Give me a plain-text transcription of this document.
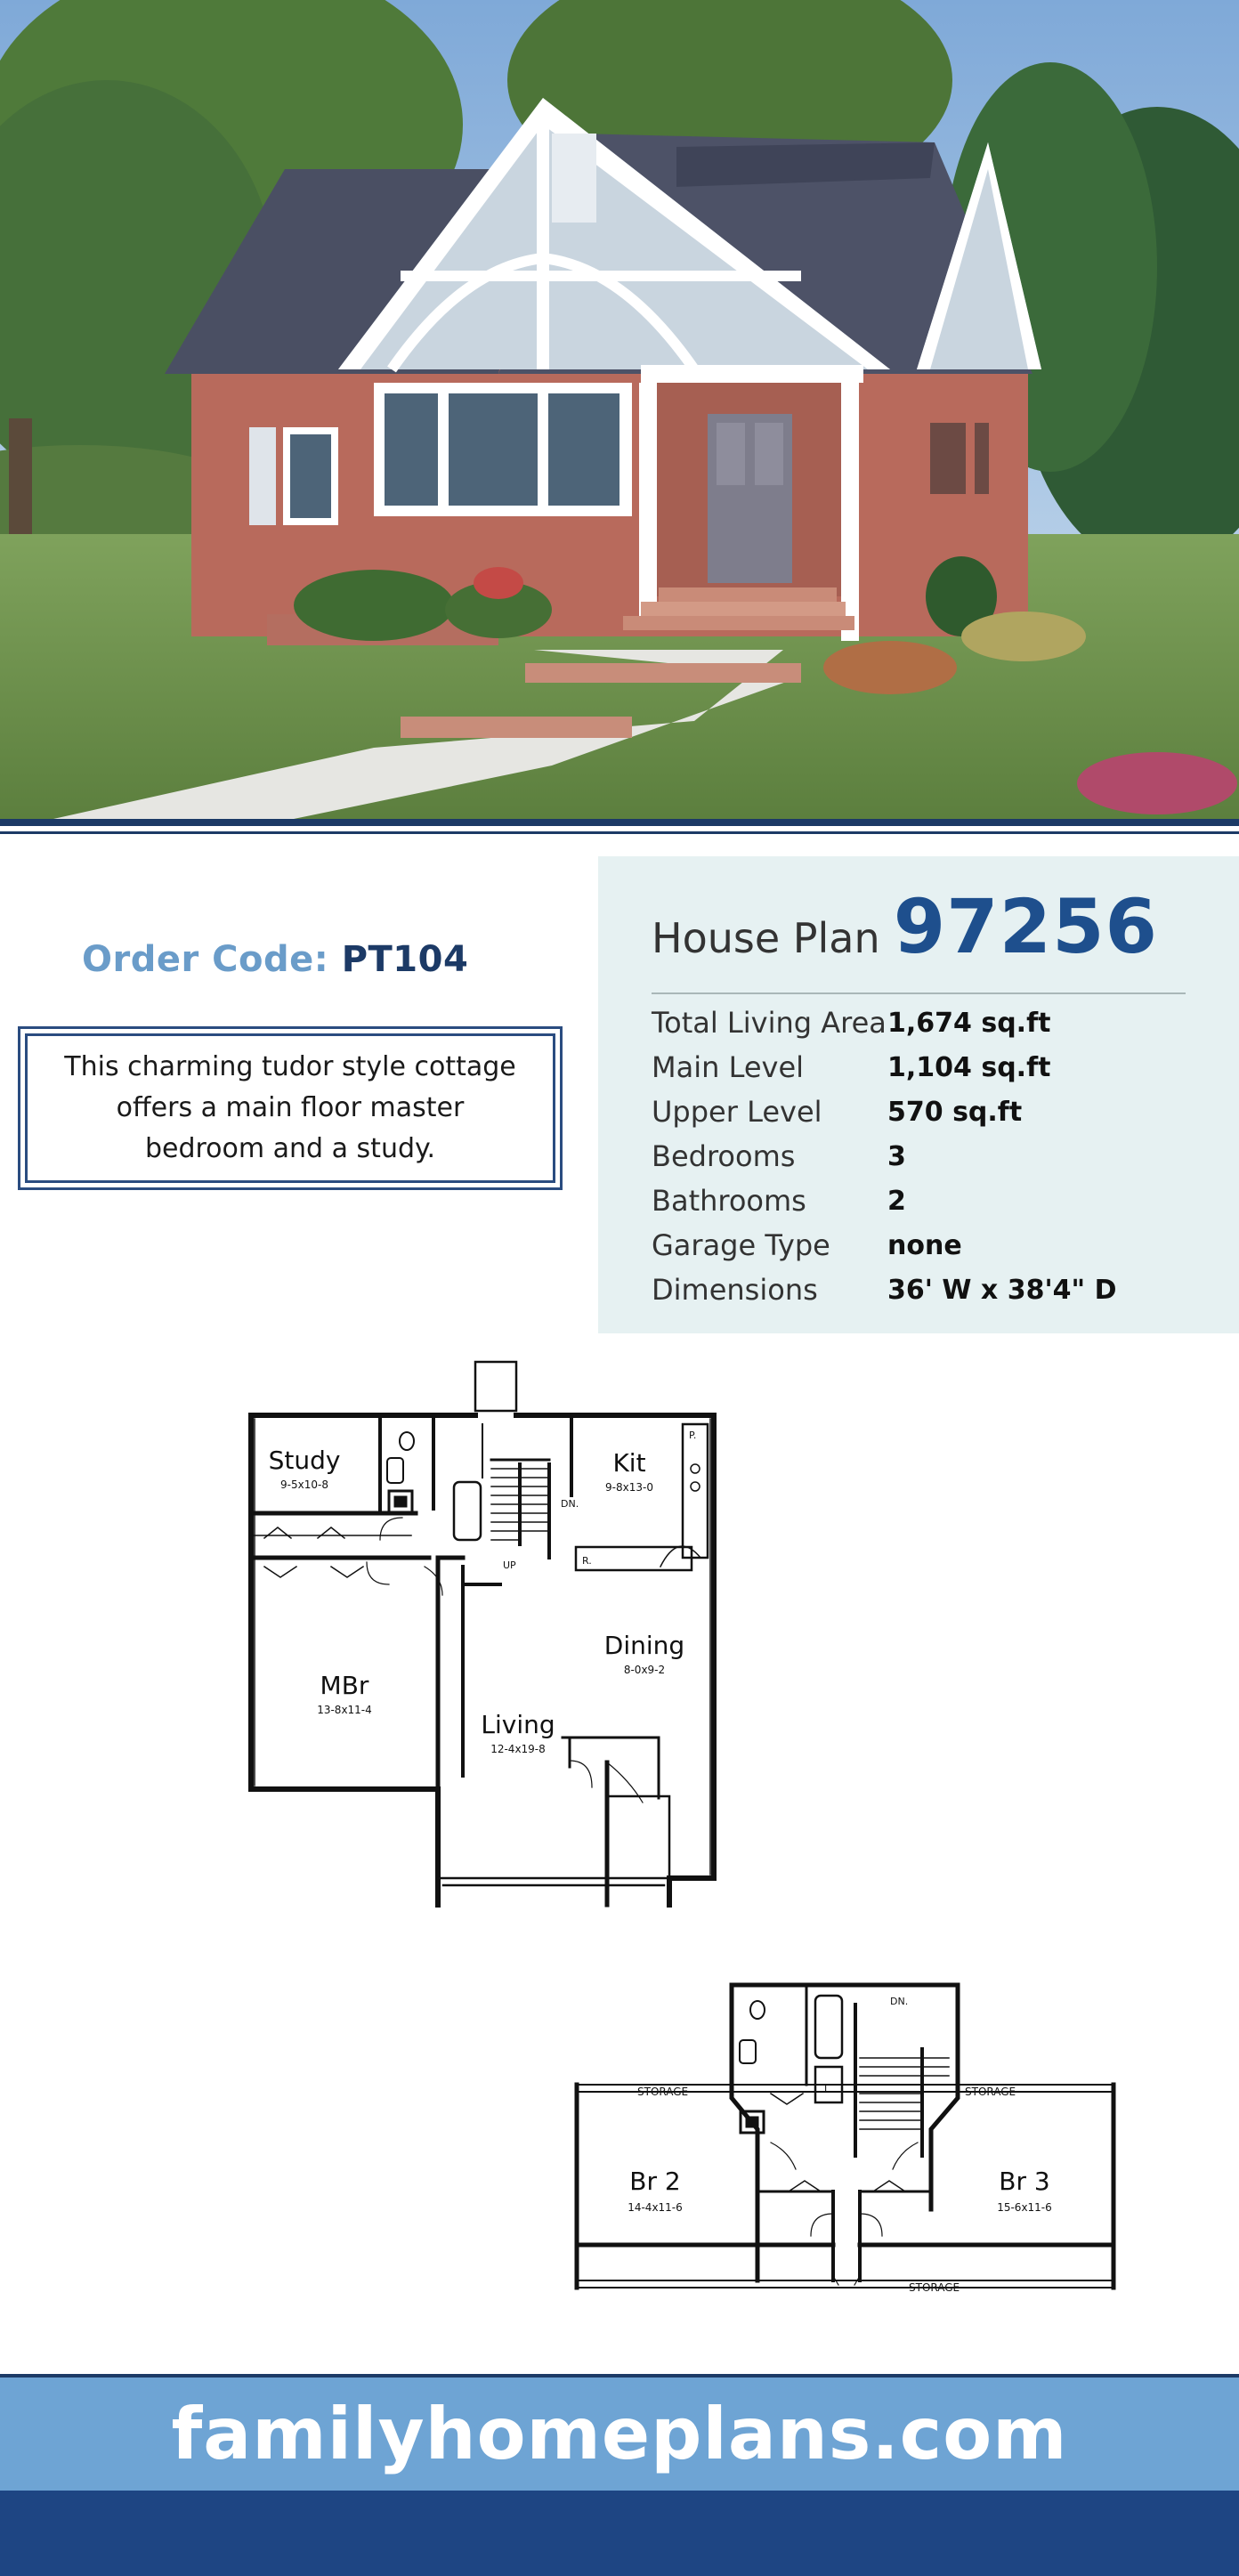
Order Code: PT104
This charming tudor style cottage offers a main floor master bedroom and a study.
House Plan 97256
Total Living Area 1,674 sq.ft
Main Level	1,104 sq.ft
Upper Level	570 sq.ft
Bedrooms	3
Bathrooms	2
Garage Type	none
Dimensions	36' W x 38'4" D
Study
9-5x10-8
Kit
9-8x13-0
Dining
8-0x9-2
MBr
13-8x11-4	Living
12-4x19-8
DN.
UP
P.
R.
Br 2
14-4x11-6
Br 3
15-6x11-6
DN.
L
STORAGE	STORAGE
STORAGE
familyhomeplans.com
